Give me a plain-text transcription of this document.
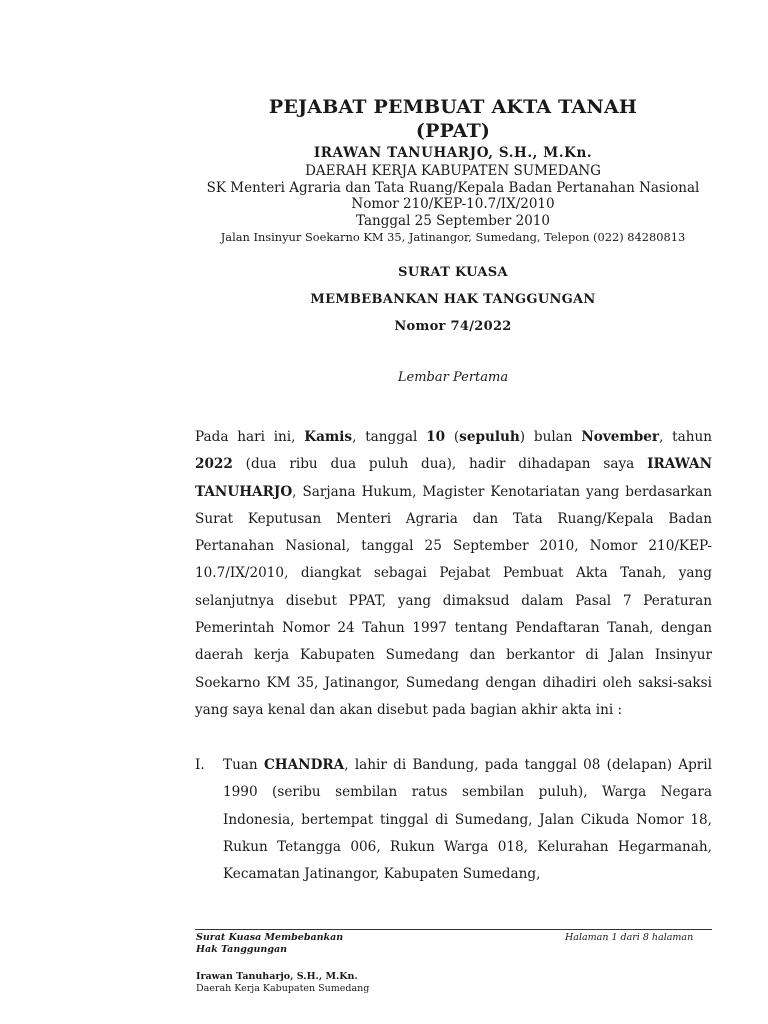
PEJABAT PEMBUAT AKTA TANAH
(PPAT)
IRAWAN TANUHARJO, S.H., M.Kn.
DAERAH KERJA KABUPATEN SUMEDANG
SK Menteri Agraria dan Tata Ruang/Kepala Badan Pertanahan Nasional
Nomor 210/KEP-10.7/IX/2010
Tanggal 25 September 2010
Jalan Insinyur Soekarno KM 35, Jatinangor, Sumedang, Telepon (022) 84280813
SURAT KUASA
MEMBEBANKAN HAK TANGGUNGAN
Nomor 74/2022
Lembar Pertama

Pada hari ini, Kamis, tanggal 10 (sepuluh) bulan November, tahun 2022 (dua ribu dua puluh dua), hadir dihadapan saya IRAWAN TANUHARJO, Sarjana Hukum, Magister Kenotariatan yang berdasarkan Surat Keputusan Menteri Agraria dan Tata Ruang/Kepala Badan Pertanahan Nasional, tanggal 25 September 2010, Nomor 210/KEP-10.7/IX/2010, diangkat sebagai Pejabat Pembuat Akta Tanah, yang selanjutnya disebut PPAT, yang dimaksud dalam Pasal 7 Peraturan Pemerintah Nomor 24 Tahun 1997 tentang Pendaftaran Tanah, dengan daerah kerja Kabupaten Sumedang dan berkantor di Jalan Insinyur Soekarno KM 35, Jatinangor, Sumedang dengan dihadiri oleh saksi-saksi yang saya kenal dan akan disebut pada bagian akhir akta ini :

I. Tuan CHANDRA, lahir di Bandung, pada tanggal 08 (delapan) April 1990 (seribu sembilan ratus sembilan puluh), Warga Negara Indonesia, bertempat tinggal di Sumedang, Jalan Cikuda Nomor 18, Rukun Tetangga 006, Rukun Warga 018, Kelurahan Hegarmanah, Kecamatan Jatinangor, Kabupaten Sumedang,
Surat Kuasa Membebankan
Hak Tanggungan
Halaman 1 dari 8 halaman
Irawan Tanuharjo, S.H., M.Kn.
Daerah Kerja Kabupaten Sumedang
